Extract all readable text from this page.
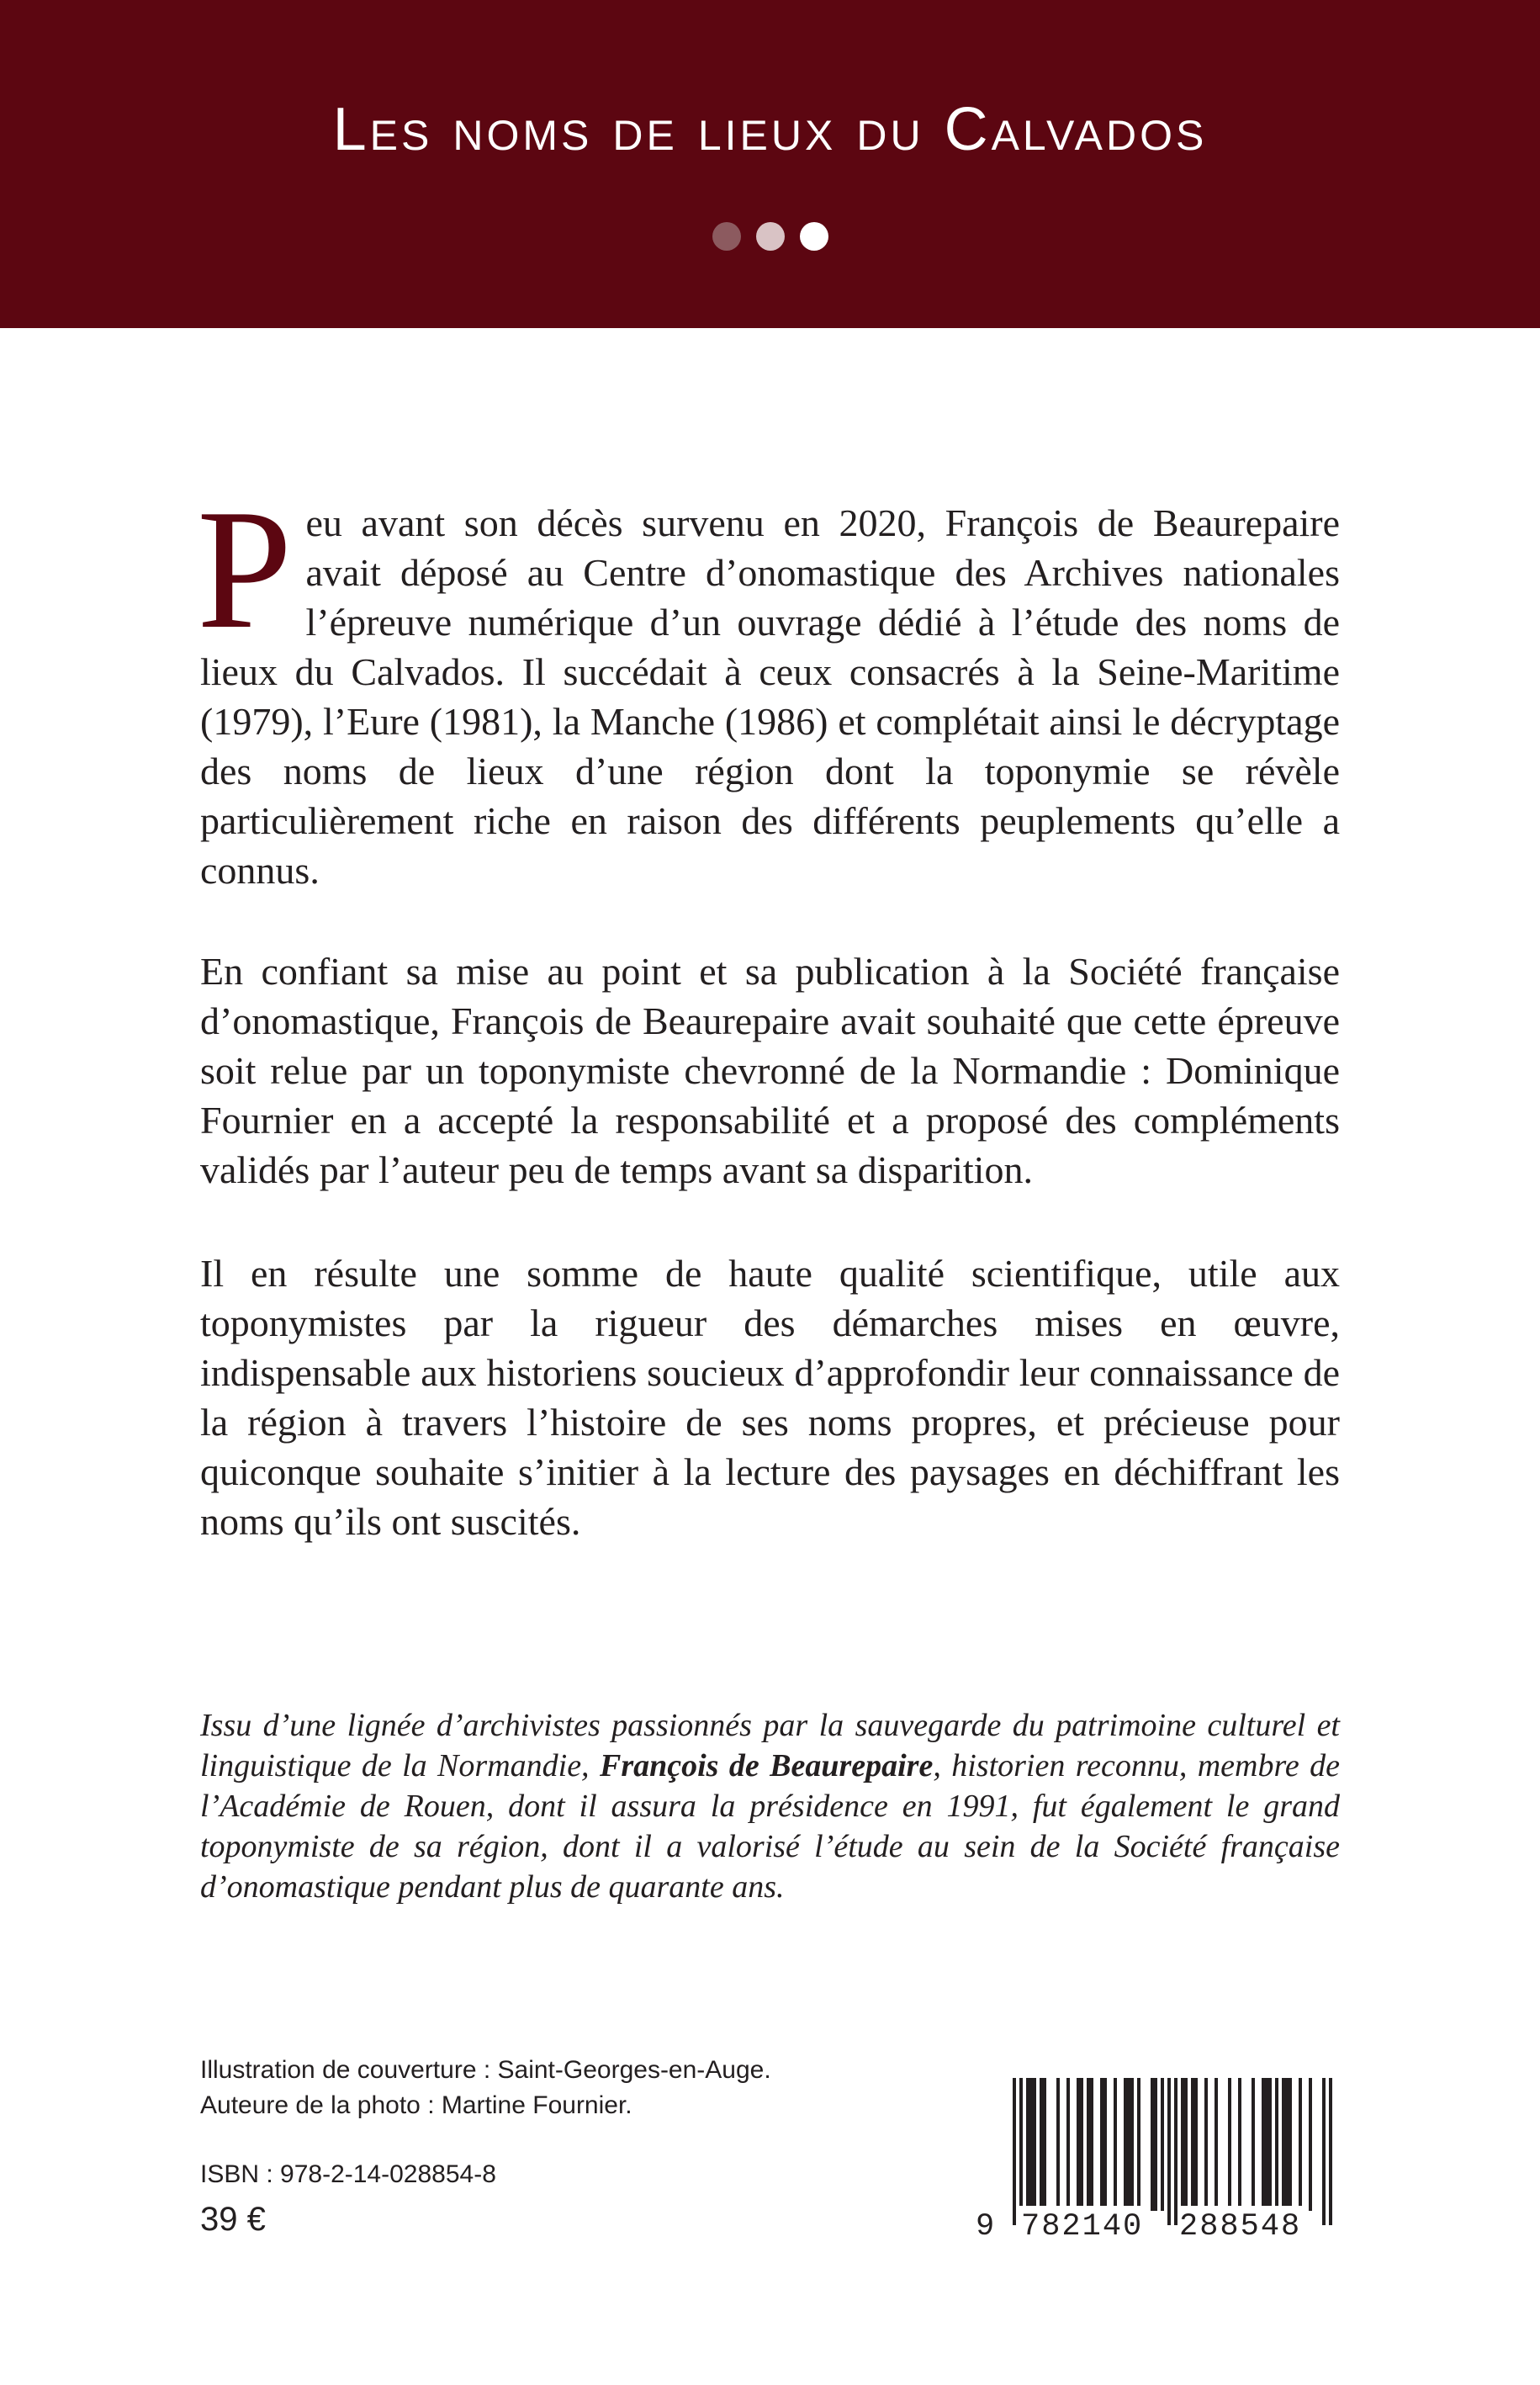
Les noms de lieux du Calvados
Peu avant son décès survenu en 2020, François de Beaurepaire avait déposé au Centre d’onomastique des Archives nationales l’épreuve numérique d’un ouvrage dédié à l’étude des noms de lieux du Calvados. Il succédait à ceux consacrés à la Seine-Maritime (1979), l’Eure (1981), la Manche (1986) et complétait ainsi le décryptage des noms de lieux d’une région dont la toponymie se révèle particulièrement riche en raison des différents peuplements qu’elle a connus.
En confiant sa mise au point et sa publication à la Société française d’onomastique, François de Beaurepaire avait souhaité que cette épreuve soit relue par un toponymiste chevronné de la Normandie : Dominique Fournier en a accepté la responsabilité et a proposé des compléments validés par l’auteur peu de temps avant sa disparition.
Il en résulte une somme de haute qualité scientifique, utile aux toponymistes par la rigueur des démarches mises en œuvre, indispensable aux historiens soucieux d’approfondir leur connaissance de la région à travers l’histoire de ses noms propres, et précieuse pour quiconque souhaite s’initier à la lecture des paysages en déchiffrant les noms qu’ils ont suscités.
Issu d’une lignée d’archivistes passionnés par la sauvegarde du patrimoine culturel et linguistique de la Normandie, François de Beaurepaire, historien reconnu, membre de l’Académie de Rouen, dont il assura la présidence en 1991, fut également le grand toponymiste de sa région, dont il a valorisé l’étude au sein de la Société française d’onomastique pendant plus de quarante ans.
Illustration de couverture : Saint-Georges-en-Auge.
Auteure de la photo : Martine Fournier.
ISBN : 978-2-14-028854-8
39 €	9 782140 288548
